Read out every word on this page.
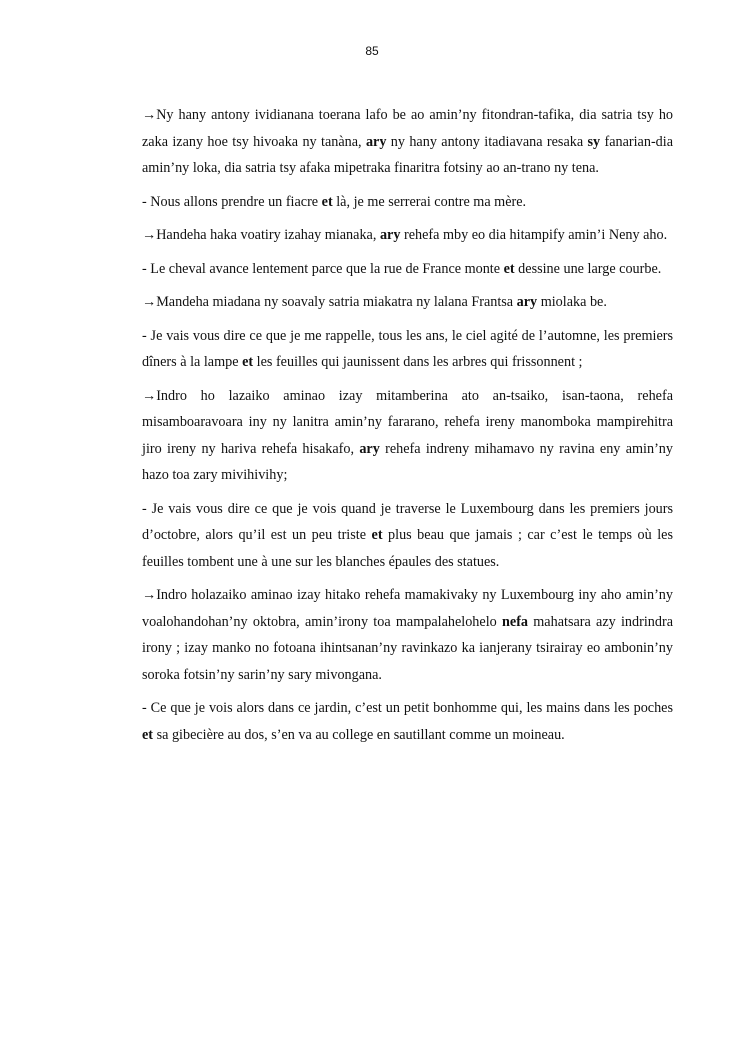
85

→Ny hany antony ividianana toerana lafo be ao amin’ny fitondran-tafika, dia satria tsy ho zaka izany hoe tsy hivoaka ny tanàna, ary ny hany antony itadiavana resaka sy fanarian-dia amin’ny loka, dia satria tsy afaka mipetraka finaritra fotsiny ao an-trano ny tena.

- Nous allons prendre un fiacre et là, je me serrerai contre ma mère.

→Handeha haka voatiry izahay mianaka, ary rehefa mby eo dia hitampify amin’i Neny aho.

- Le cheval avance lentement parce que la rue de France monte et dessine une large courbe.

→Mandeha miadana ny soavaly satria miakatra ny lalana Frantsa ary miolaka be.

- Je vais vous dire ce que je me rappelle, tous les ans, le ciel agité de l’automne, les premiers dîners à la lampe et les feuilles qui jaunissent dans les arbres qui frissonnent ;

→Indro ho lazaiko aminao izay mitamberina ato an-tsaiko, isan-taona, rehefa misamboaravoara iny ny lanitra amin’ny fararano, rehefa ireny manomboka mampirehitra jiro ireny ny hariva rehefa hisakafo, ary rehefa indreny mihamavo ny ravina eny amin’ny hazo toa zary mivihivihy;

- Je vais vous dire ce que je vois quand je traverse le Luxembourg dans les premiers jours d’octobre, alors qu’il est un peu triste et plus beau que jamais ; car c’est le temps où les feuilles tombent une à une sur les blanches épaules des statues.

→Indro holazaiko aminao izay hitako rehefa mamakivaky ny Luxembourg iny aho amin’ny voalohandohan’ny oktobra, amin’irony toa mampalahelohelo nefa mahatsara azy indrindra irony ; izay manko no fotoana ihintsanan’ny ravinkazo ka ianjerany tsirairay eo ambonin’ny soroka fotsin’ny sarin’ny sary mivongana.

- Ce que je vois alors dans ce jardin, c’est un petit bonhomme qui, les mains dans les poches et sa gibecière au dos, s’en va au college en sautillant comme un moineau.
